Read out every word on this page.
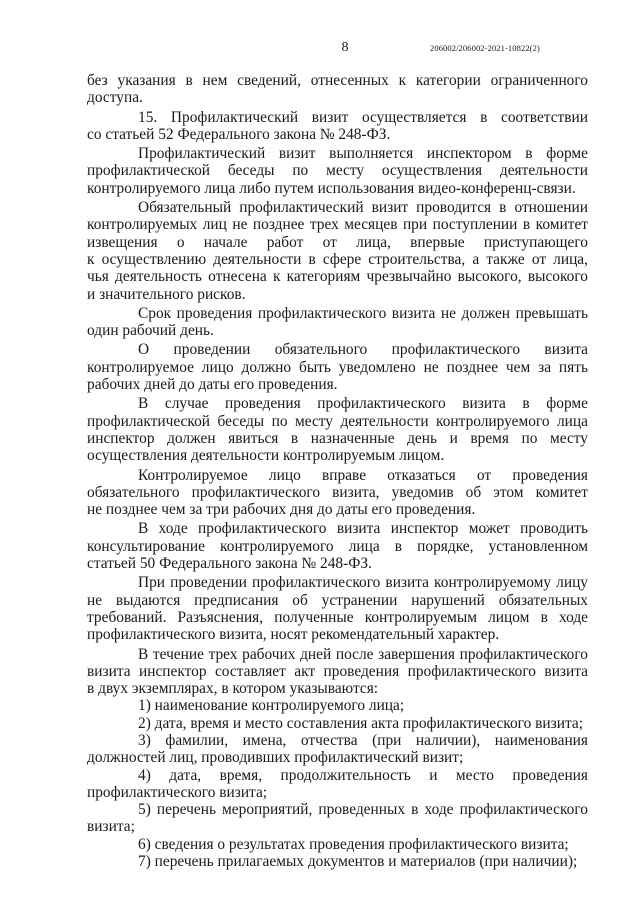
8	206002/206002-2021-10822(2)
без указания в нем сведений, отнесенных к категории ограниченного
доступа.
15. Профилактический визит осуществляется в соответствии
со статьей 52 Федерального закона № 248-ФЗ.
Профилактический визит выполняется инспектором в форме
профилактической беседы по месту осуществления деятельности
контролируемого лица либо путем использования видео-конференц-связи.
Обязательный профилактический визит проводится в отношении
контролируемых лиц не позднее трех месяцев при поступлении в комитет
извещения о начале работ от лица, впервые приступающего
к осуществлению деятельности в сфере строительства, а также от лица,
чья деятельность отнесена к категориям чрезвычайно высокого, высокого
и значительного рисков.
Срок проведения профилактического визита не должен превышать
один рабочий день.
О проведении обязательного профилактического визита
контролируемое лицо должно быть уведомлено не позднее чем за пять
рабочих дней до даты его проведения.
В случае проведения профилактического визита в форме
профилактической беседы по месту деятельности контролируемого лица
инспектор должен явиться в назначенные день и время по месту
осуществления деятельности контролируемым лицом.
Контролируемое лицо вправе отказаться от проведения
обязательного профилактического визита, уведомив об этом комитет
не позднее чем за три рабочих дня до даты его проведения.
В ходе профилактического визита инспектор может проводить
консультирование контролируемого лица в порядке, установленном
статьей 50 Федерального закона № 248-ФЗ.
При проведении профилактического визита контролируемому лицу
не выдаются предписания об устранении нарушений обязательных
требований. Разъяснения, полученные контролируемым лицом в ходе
профилактического визита, носят рекомендательный характер.
В течение трех рабочих дней после завершения профилактического
визита инспектор составляет акт проведения профилактического визита
в двух экземплярах, в котором указываются:
1) наименование контролируемого лица;
2) дата, время и место составления акта профилактического визита;
3) фамилии, имена, отчества (при наличии), наименования
должностей лиц, проводивших профилактический визит;
4) дата, время, продолжительность и место проведения
профилактического визита;
5) перечень мероприятий, проведенных в ходе профилактического
визита;
6) сведения о результатах проведения профилактического визита;
7) перечень прилагаемых документов и материалов (при наличии);
